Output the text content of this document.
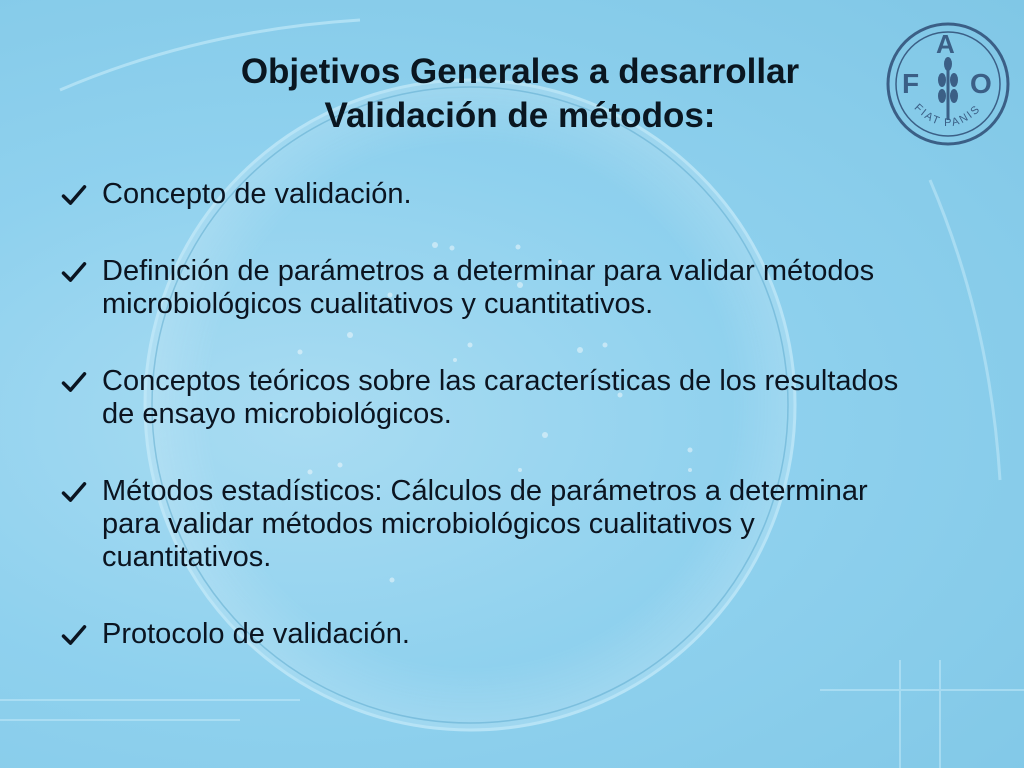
Objetivos Generales a desarrollar
Validación de métodos:
F
A
O
FIAT PANIS
Concepto de validación.
Definición de parámetros a determinar para validar métodos microbiológicos cualitativos y cuantitativos.
Conceptos teóricos sobre las características de los resultados de ensayo microbiológicos.
Métodos estadísticos: Cálculos de parámetros a determinar para validar métodos microbiológicos cualitativos y cuantitativos.
Protocolo de validación.
